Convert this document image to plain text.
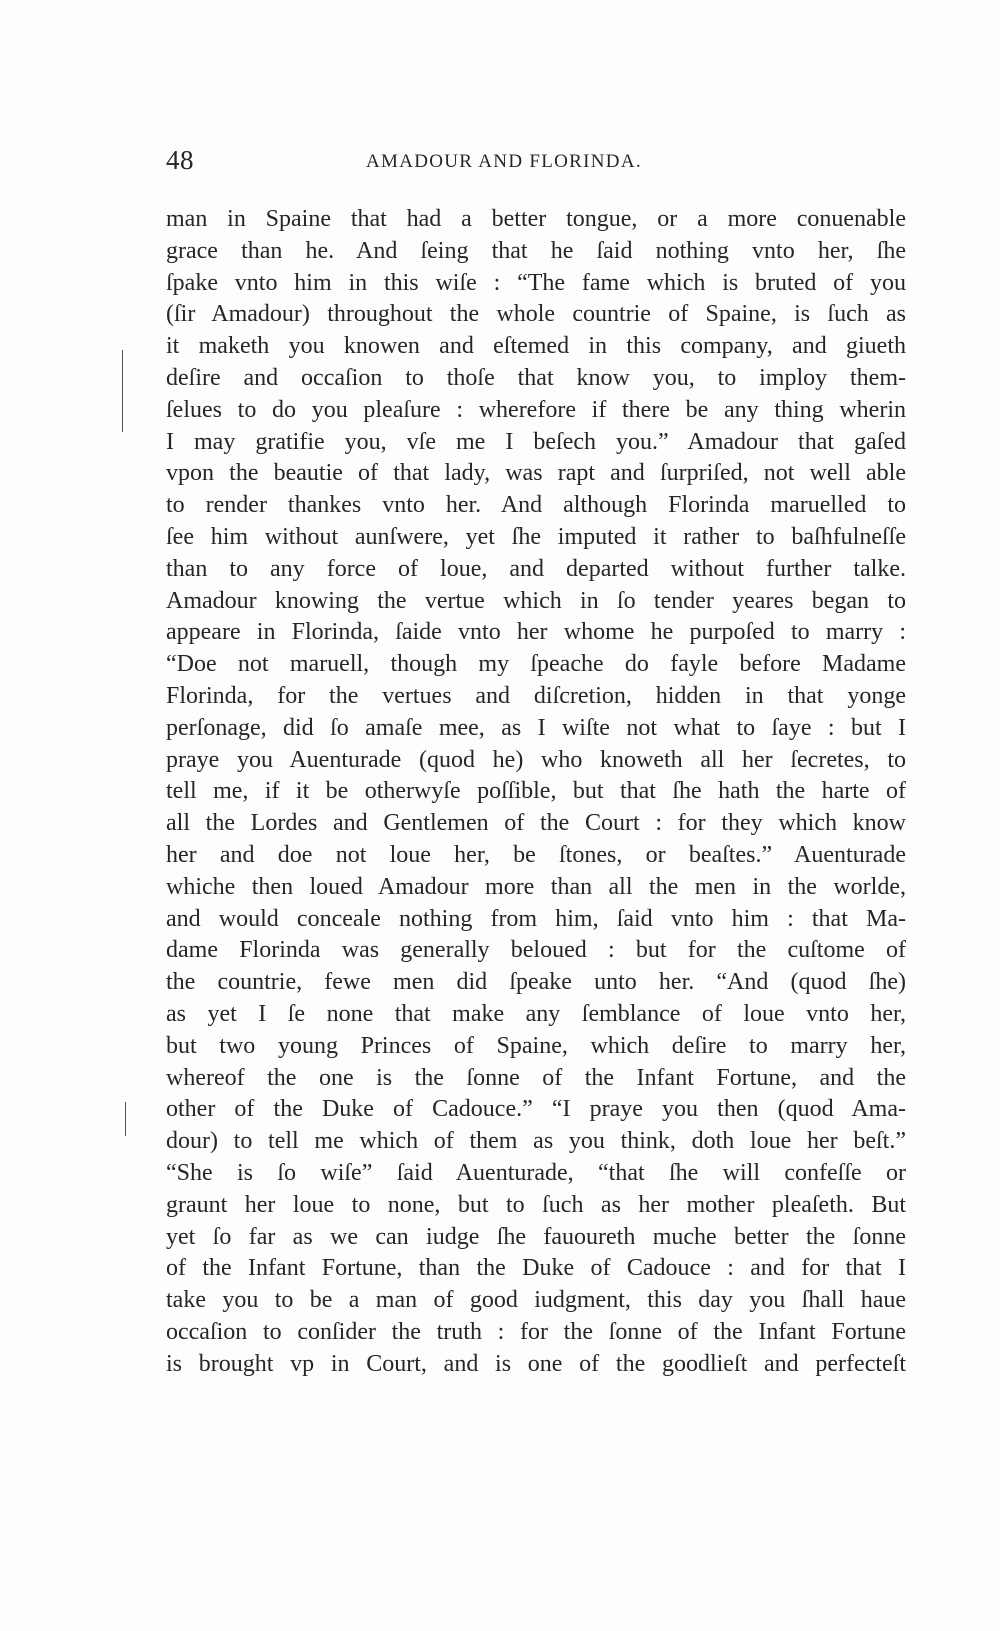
48	AMADOUR AND FLORINDA.
man in Spaine that had a better tongue, or a more conuenable
grace than he. And ſeing that he ſaid nothing vnto her, ſhe
ſpake vnto him in this wiſe : “The fame which is bruted of you
(ſir Amadour) throughout the whole countrie of Spaine, is ſuch as
it maketh you knowen and eſtemed in this company, and giueth
deſire and occaſion to thoſe that know you, to imploy them-
ſelues to do you pleaſure : wherefore if there be any thing wherin
I may gratifie you, vſe me I beſech you.” Amadour that gaſed
vpon the beautie of that lady, was rapt and ſurpriſed, not well able
to render thankes vnto her. And although Florinda maruelled to
ſee him without aunſwere, yet ſhe imputed it rather to baſhfulneſſe
than to any force of loue, and departed without further talke.
Amadour knowing the vertue which in ſo tender yeares began to
appeare in Florinda, ſaide vnto her whome he purpoſed to marry :
“Doe not maruell, though my ſpeache do fayle before Madame
Florinda, for the vertues and diſcretion, hidden in that yonge
perſonage, did ſo amaſe mee, as I wiſte not what to ſaye : but I
praye you Auenturade (quod he) who knoweth all her ſecretes, to
tell me, if it be otherwyſe poſſible, but that ſhe hath the harte of
all the Lordes and Gentlemen of the Court : for they which know
her and doe not loue her, be ſtones, or beaſtes.” Auenturade
whiche then loued Amadour more than all the men in the worlde,
and would conceale nothing from him, ſaid vnto him : that Ma-
dame Florinda was generally beloued : but for the cuſtome of
the countrie, fewe men did ſpeake unto her. “And (quod ſhe)
as yet I ſe none that make any ſemblance of loue vnto her,
but two young Princes of Spaine, which deſire to marry her,
whereof the one is the ſonne of the Infant Fortune, and the
other of the Duke of Cadouce.” “I praye you then (quod Ama-
dour) to tell me which of them as you think, doth loue her beſt.”
“She is ſo wiſe” ſaid Auenturade, “that ſhe will confeſſe or
graunt her loue to none, but to ſuch as her mother pleaſeth. But
yet ſo far as we can iudge ſhe fauoureth muche better the ſonne
of the Infant Fortune, than the Duke of Cadouce : and for that I
take you to be a man of good iudgment, this day you ſhall haue
occaſion to conſider the truth : for the ſonne of the Infant Fortune
is brought vp in Court, and is one of the goodlieſt and perfecteſt
